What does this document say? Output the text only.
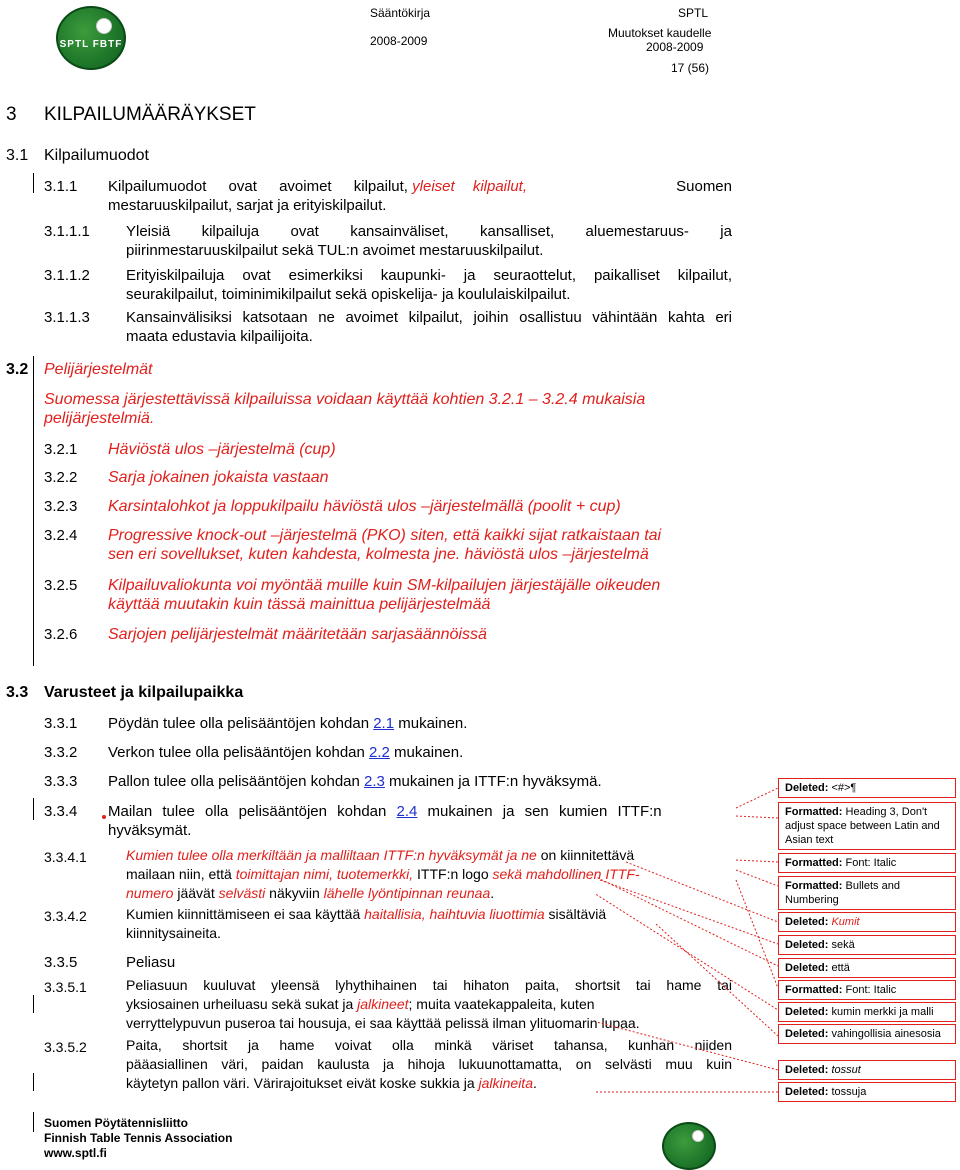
SPTL FBTF
Sääntökirja
2008-2009
SPTL
Muutokset kaudelle
2008-2009
17 (56)
3 KILPAILUMÄÄRÄYKSET
3.1 Kilpailumuodot
3.1.1 Kilpailumuodot ovat avoimet kilpailut, yleiset kilpailut,	Suomen
mestaruuskilpailut, sarjat ja erityiskilpailut.
3.1.1.1 Yleisiä kilpailuja ovat kansainväliset, kansalliset, aluemestaruus- ja
piirinmestaruuskilpailut sekä TUL:n avoimet mestaruuskilpailut.
3.1.1.2 Erityiskilpailuja ovat esimerkiksi kaupunki- ja seuraottelut, paikalliset kilpailut,
seurakilpailut, toiminimikilpailut sekä opiskelija- ja koululaiskilpailut.
3.1.1.3 Kansainvälisiksi katsotaan ne avoimet kilpailut, joihin osallistuu vähintään kahta eri
maata edustavia kilpailijoita.
3.2 Pelijärjestelmät
Suomessa järjestettävissä kilpailuissa voidaan käyttää kohtien 3.2.1 – 3.2.4 mukaisia
pelijärjestelmiä.
3.2.1 Häviöstä ulos –järjestelmä (cup)
3.2.2 Sarja jokainen jokaista vastaan
3.2.3 Karsintalohkot ja loppukilpailu häviöstä ulos –järjestelmällä (poolit + cup)
3.2.4 Progressive knock-out –järjestelmä (PKO) siten, että kaikki sijat ratkaistaan tai
sen eri sovellukset, kuten kahdesta, kolmesta jne. häviöstä ulos –järjestelmä
3.2.5 Kilpailuvaliokunta voi myöntää muille kuin SM-kilpailujen järjestäjälle oikeuden
käyttää muutakin kuin tässä mainittua pelijärjestelmää
3.2.6 Sarjojen pelijärjestelmät määritetään sarjasäännöissä
3.3 Varusteet ja kilpailupaikka
3.3.1 Pöydän tulee olla pelisääntöjen kohdan 2.1 mukainen.
3.3.2 Verkon tulee olla pelisääntöjen kohdan 2.2 mukainen.
3.3.3 Pallon tulee olla pelisääntöjen kohdan 2.3 mukainen ja ITTF:n hyväksymä.
3.3.4 Mailan tulee olla pelisääntöjen kohdan 2.4 mukainen ja sen kumien ITTF:n
hyväksymät.
3.3.4.1	Kumien tulee olla merkiltään ja malliltaan ITTF:n hyväksymät ja ne on kiinnitettävä
mailaan niin, että toimittajan nimi, tuotemerkki, ITTF:n logo sekä mahdollinen ITTF-
numero jäävät selvästi näkyviin lähelle lyöntipinnan reunaa.
3.3.4.2	Kumien kiinnittämiseen ei saa käyttää haitallisia, haihtuvia liuottimia sisältäviä
kiinnitysaineita.
3.3.5	Peliasu
3.3.5.1	Peliasuun kuuluvat yleensä lyhythihainen tai hihaton paita, shortsit tai hame tai
yksiosainen urheiluasu sekä sukat ja jalkineet; muita vaatekappaleita, kuten
verryttelypuvun puseroa tai housuja, ei saa käyttää pelissä ilman ylituomarin lupaa.
3.3.5.2	Paita, shortsit ja hame voivat olla minkä väriset tahansa, kunhan niiden
pääasiallinen väri, paidan kaulusta ja hihoja lukuunottamatta, on selvästi muu kuin
käytetyn pallon väri. Värirajoitukset eivät koske sukkia ja jalkineita.
Deleted: <#>¶
Formatted: Heading 3, Don't adjust space between Latin and Asian text
Formatted: Font: Italic
Formatted: Bullets and Numbering
Deleted: Kumit
Deleted: sekä
Deleted: että
Formatted: Font: Italic
Deleted: kumin merkki ja malli
Deleted: vahingollisia ainesosia
Deleted: tossut
Deleted: tossuja
Suomen Pöytätennisliitto
Finnish Table Tennis Association
www.sptl.fi
